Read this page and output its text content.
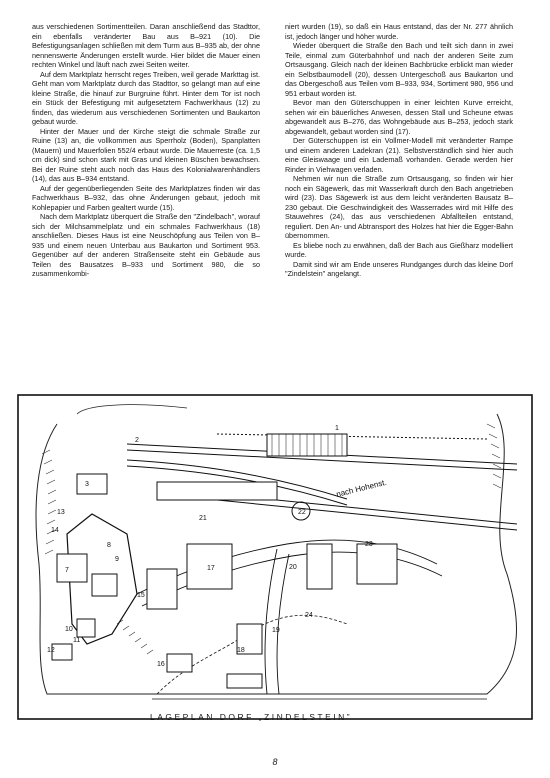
aus verschiedenen Sortimentteilen. Daran anschließend das Stadttor, ein ebenfalls veränderter Bau aus B–921 (10). Die Befestigungsanlagen schließen mit dem Turm aus B–935 ab, der ohne nennenswerte Änderungen erstellt wurde. Hier bildet die Mauer einen rechten Winkel und läuft nach zwei Seiten weiter.

Auf dem Marktplatz herrscht reges Treiben, weil gerade Markttag ist. Geht man vom Marktplatz durch das Stadttor, so gelangt man auf eine kleine Straße, die hinauf zur Burgruine führt. Hinter dem Tor ist noch ein Stück der Befestigung mit aufgesetztem Fachwerkhaus (12) zu finden, das wiederum aus verschiedenen Sortimenten und Baukarton gebaut wurde.

Hinter der Mauer und der Kirche steigt die schmale Straße zur Ruine (13) an, die vollkommen aus Sperrholz (Boden), Spanplatten (Mauern) und Mauerfolien 552/4 erbaut wurde. Die Mauerreste (ca. 1,5 cm dick) sind schon stark mit Gras und kleinen Büschen bewachsen. Bei der Ruine steht auch noch das Haus des Kolonialwarenhändlers (14), das aus B–934 entstand.

Auf der gegenüberliegenden Seite des Marktplatzes finden wir das Fachwerkhaus B–932, das ohne Änderungen gebaut, jedoch mit Kohlepapier und Farben gealtert wurde (15).

Nach dem Marktplatz überquert die Straße den "Zindelbach", worauf sich der Milchsammelplatz und ein schmales Fachwerkhaus (18) anschließen. Dieses Haus ist eine Neuschöpfung aus Teilen von B–935 und einem neuen Unterbau aus Baukarton und Sortiment 953. Gegenüber auf der anderen Straßenseite steht ein Gebäude aus Teilen des Bausatzes B–933 und Sortiment 980, die so zusammenkombi-

niert wurden (19), so daß ein Haus entstand, das der Nr. 277 ähnlich ist, jedoch länger und höher wurde.

Wieder überquert die Straße den Bach und teilt sich dann in zwei Teile, einmal zum Güterbahnhof und nach der anderen Seite zum Ortsausgang. Gleich nach der kleinen Bachbrücke erblickt man wieder ein Selbstbaumodell (20), dessen Untergeschoß aus Baukarton und das Obergeschoß aus Teilen vom B–933, 934, Sortiment 980, 956 und 951 erbaut worden ist.

Bevor man den Güterschuppen in einer leichten Kurve erreicht, sehen wir ein bäuerliches Anwesen, dessen Stall und Scheune etwas abgewandelt aus B–276, das Wohngebäude aus B–253, jedoch stark abgewandelt, gebaut worden sind (17).

Der Güterschuppen ist ein Vollmer-Modell mit veränderter Rampe und einem anderen Ladekran (21). Selbstverständlich sind hier auch eine Gleiswaage und ein Lademaß vorhanden. Gerade werden hier Rinder in Viehwagen verladen.

Nehmen wir nun die Straße zum Ortsausgang, so finden wir hier noch ein Sägewerk, das mit Wasserkraft durch den Bach angetrieben wird (23). Das Sägewerk ist aus dem leicht veränderten Bausatz B–230 gebaut. Die Geschwindigkeit des Wasserrades wird mit Hilfe des Stauwehres (24), das aus verschiedenen Abfallteilen entstand, reguliert. Den An- und Abtransport des Holzes hat hier die Egger-Bahn übernommen.

Es bliebe noch zu erwähnen, daß der Bach aus Gießharz modelliert wurde.

Damit sind wir am Ende unseres Rundganges durch das kleine Dorf "Zindelstein" angelangt.

1
2
3
7
8
9
10
11
12
13
14
15
16
17
18
19
20
21
22
23
24
nach Hohenst.
LAGEPLAN DORF „ZINDELSTEIN”
8
